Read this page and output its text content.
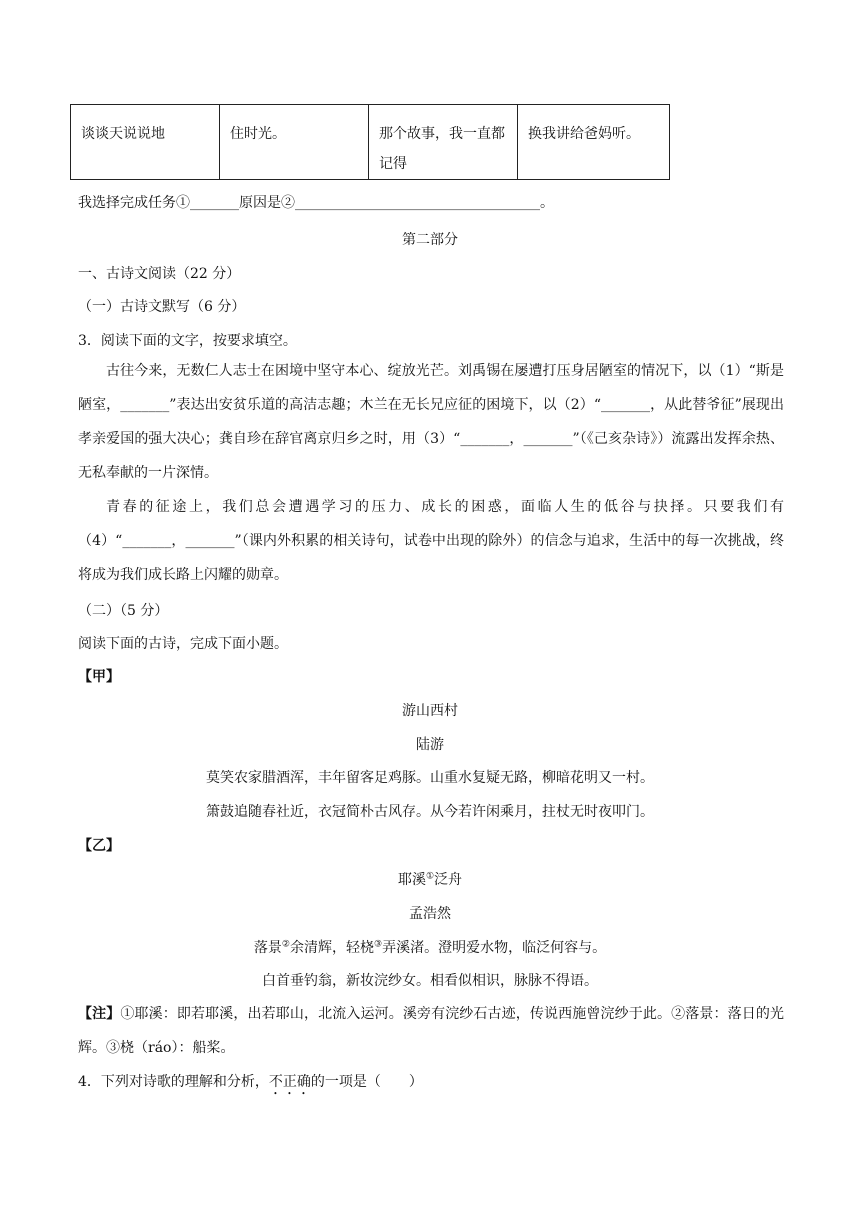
谈谈天说说地	住时光。	那个故事，我一直都记得	换我讲给爸妈听。
我选择完成任务①_______原因是②___________________________________。
第二部分
一、古诗文阅读（22 分）
（一）古诗文默写（6 分）
3．阅读下面的文字，按要求填空。
古往今来，无数仁人志士在困境中坚守本心、绽放光芒。刘禹锡在屡遭打压身居陋室的情况下，以（1）“斯是陋室，_______”表达出安贫乐道的高洁志趣；木兰在无长兄应征的困境下，以（2）“_______，从此替爷征”展现出孝亲爱国的强大决心；龚自珍在辞官离京归乡之时，用（3）“_______，_______”（《己亥杂诗》）流露出发挥余热、无私奉献的一片深情。
青春的征途上，我们总会遭遇学习的压力、成长的困惑，面临人生的低谷与抉择。只要我们有（4）“_______，_______”（课内外积累的相关诗句，试卷中出现的除外）的信念与追求，生活中的每一次挑战，终将成为我们成长路上闪耀的勋章。
（二）（5 分）
阅读下面的古诗，完成下面小题。
【甲】
游山西村
陆游
莫笑农家腊酒浑，丰年留客足鸡豚。山重水复疑无路，柳暗花明又一村。
箫鼓追随春社近，衣冠简朴古风存。从今若许闲乘月，拄杖无时夜叩门。
【乙】
耶溪①泛舟
孟浩然
落景②余清辉，轻桡③弄溪渚。澄明爱水物，临泛何容与。
白首垂钓翁，新妆浣纱女。相看似相识，脉脉不得语。
【注】①耶溪：即若耶溪，出若耶山，北流入运河。溪旁有浣纱石古迹，传说西施曾浣纱于此。②落景：落日的光辉。③桡（ráo）：船桨。
4．下列对诗歌的理解和分析，不正确的一项是（　　）
